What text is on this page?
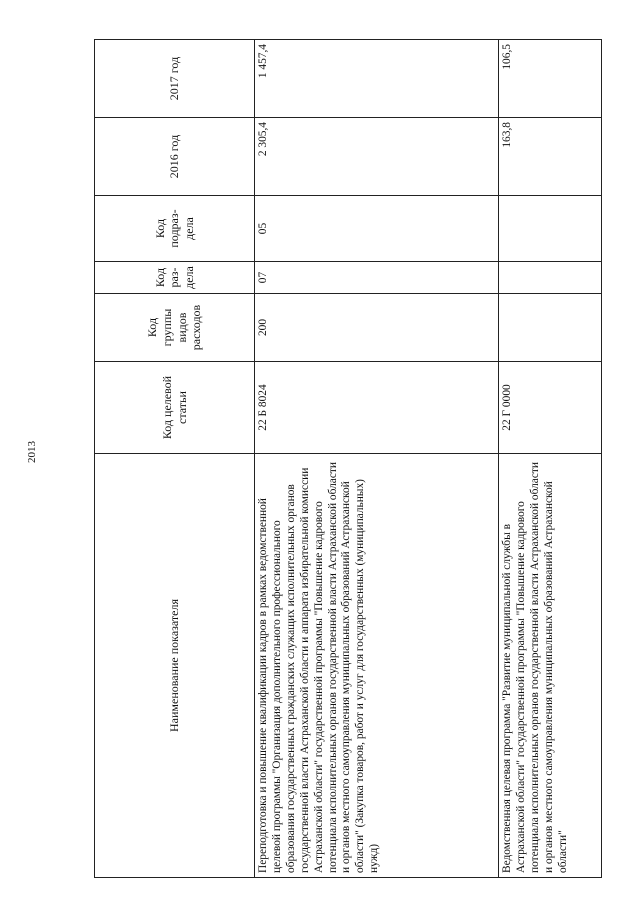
2013
Наименование показателя	Код целевой статьи	Код группы видов расходов	Код раз-дела	Код подраз-дела	2016 год	2017 год
Переподготовка и повышение квалификации кадров в рамках ведомственной целевой программы "Организация дополнительного профессионального образования государственных гражданских служащих исполнительных органов государственной власти Астраханской области и аппарата избирательной комиссии Астраханской области" государственной программы "Повышение кадрового потенциала исполнительных органов государственной власти Астраханской области и органов местного самоуправления муниципальных образований Астраханской области" (Закупка товаров, работ и услуг для государственных (муниципальных) нужд)	22 Б 8024	200	07	05	2 305,4	1 457,4
Ведомственная целевая программа "Развитие муниципальной службы в Астраханской области" государственной программы "Повышение кадрового потенциала исполнительных органов государственной власти Астраханской области и органов местного самоуправления муниципальных образований Астраханской области"	22 Г 0000				163,8	106,5
